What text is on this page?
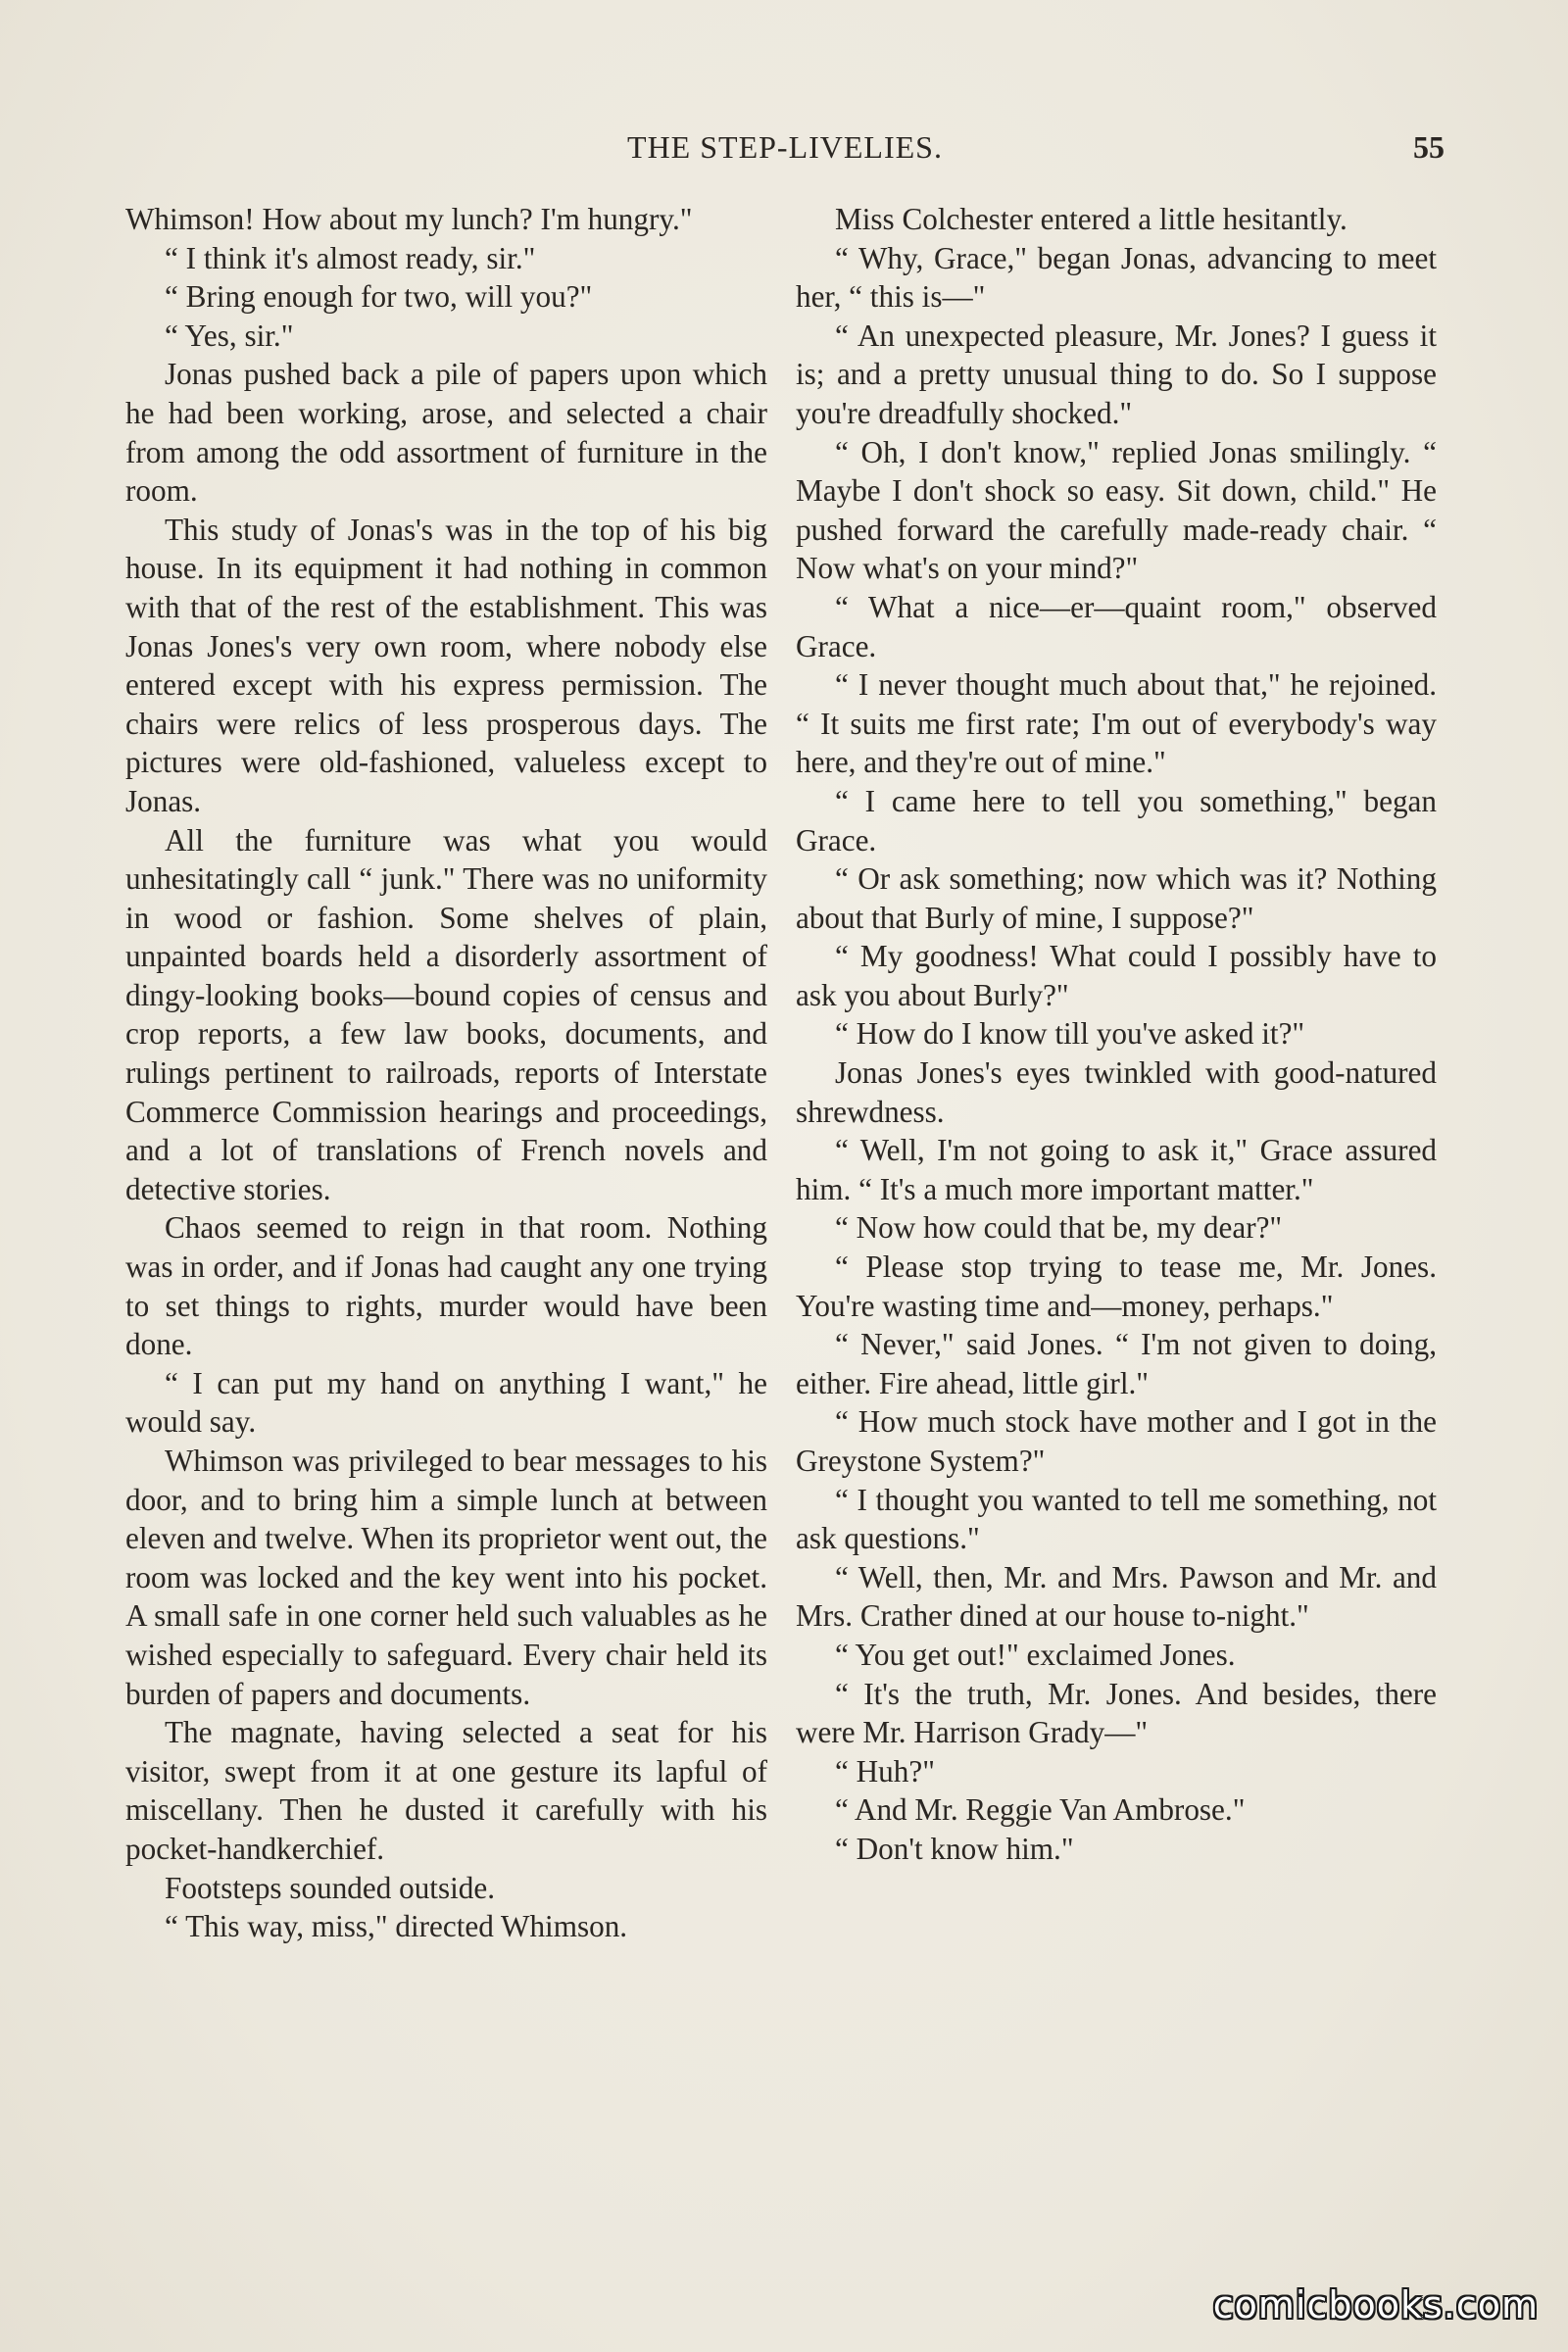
THE STEP-LIVELIES.	55

Whimson! How about my lunch? I'm hungry."

“ I think it's almost ready, sir."

“ Bring enough for two, will you?"

“ Yes, sir."

Jonas pushed back a pile of papers upon which he had been working, arose, and selected a chair from among the odd assortment of furniture in the room.

This study of Jonas's was in the top of his big house. In its equipment it had nothing in common with that of the rest of the establishment. This was Jonas Jones's very own room, where nobody else entered except with his express permission. The chairs were relics of less prosperous days. The pictures were old-fashioned, valueless except to Jonas.

All the furniture was what you would unhesitatingly call “ junk." There was no uniformity in wood or fashion. Some shelves of plain, unpainted boards held a disorderly assortment of dingy-looking books—bound copies of census and crop reports, a few law books, documents, and rulings pertinent to railroads, reports of Interstate Commerce Commission hearings and proceedings, and a lot of translations of French novels and detective stories.

Chaos seemed to reign in that room. Nothing was in order, and if Jonas had caught any one trying to set things to rights, murder would have been done.

“ I can put my hand on anything I want," he would say.

Whimson was privileged to bear messages to his door, and to bring him a simple lunch at between eleven and twelve. When its proprietor went out, the room was locked and the key went into his pocket. A small safe in one corner held such valuables as he wished especially to safeguard. Every chair held its burden of papers and documents.

The magnate, having selected a seat for his visitor, swept from it at one gesture its lapful of miscellany. Then he dusted it carefully with his pocket-handkerchief.

Footsteps sounded outside.

“ This way, miss," directed Whimson.

Miss Colchester entered a little hesitantly.

“ Why, Grace," began Jonas, advancing to meet her, “ this is—"

“ An unexpected pleasure, Mr. Jones? I guess it is; and a pretty unusual thing to do. So I suppose you're dreadfully shocked."

“ Oh, I don't know," replied Jonas smilingly. “ Maybe I don't shock so easy. Sit down, child." He pushed forward the carefully made-ready chair. “ Now what's on your mind?"

“ What a nice—er—quaint room," observed Grace.

“ I never thought much about that," he rejoined. “ It suits me first rate; I'm out of everybody's way here, and they're out of mine."

“ I came here to tell you something," began Grace.

“ Or ask something; now which was it? Nothing about that Burly of mine, I suppose?"

“ My goodness! What could I possibly have to ask you about Burly?"

“ How do I know till you've asked it?"

Jonas Jones's eyes twinkled with good-natured shrewdness.

“ Well, I'm not going to ask it," Grace assured him. “ It's a much more important matter."

“ Now how could that be, my dear?"

“ Please stop trying to tease me, Mr. Jones. You're wasting time and—money, perhaps."

“ Never," said Jones. “ I'm not given to doing, either. Fire ahead, little girl."

“ How much stock have mother and I got in the Greystone System?"

“ I thought you wanted to tell me something, not ask questions."

“ Well, then, Mr. and Mrs. Pawson and Mr. and Mrs. Crather dined at our house to-night."

“ You get out!" exclaimed Jones.

“ It's the truth, Mr. Jones. And besides, there were Mr. Harrison Grady—"

“ Huh?"

“ And Mr. Reggie Van Ambrose."

“ Don't know him."

comicbooks.com
